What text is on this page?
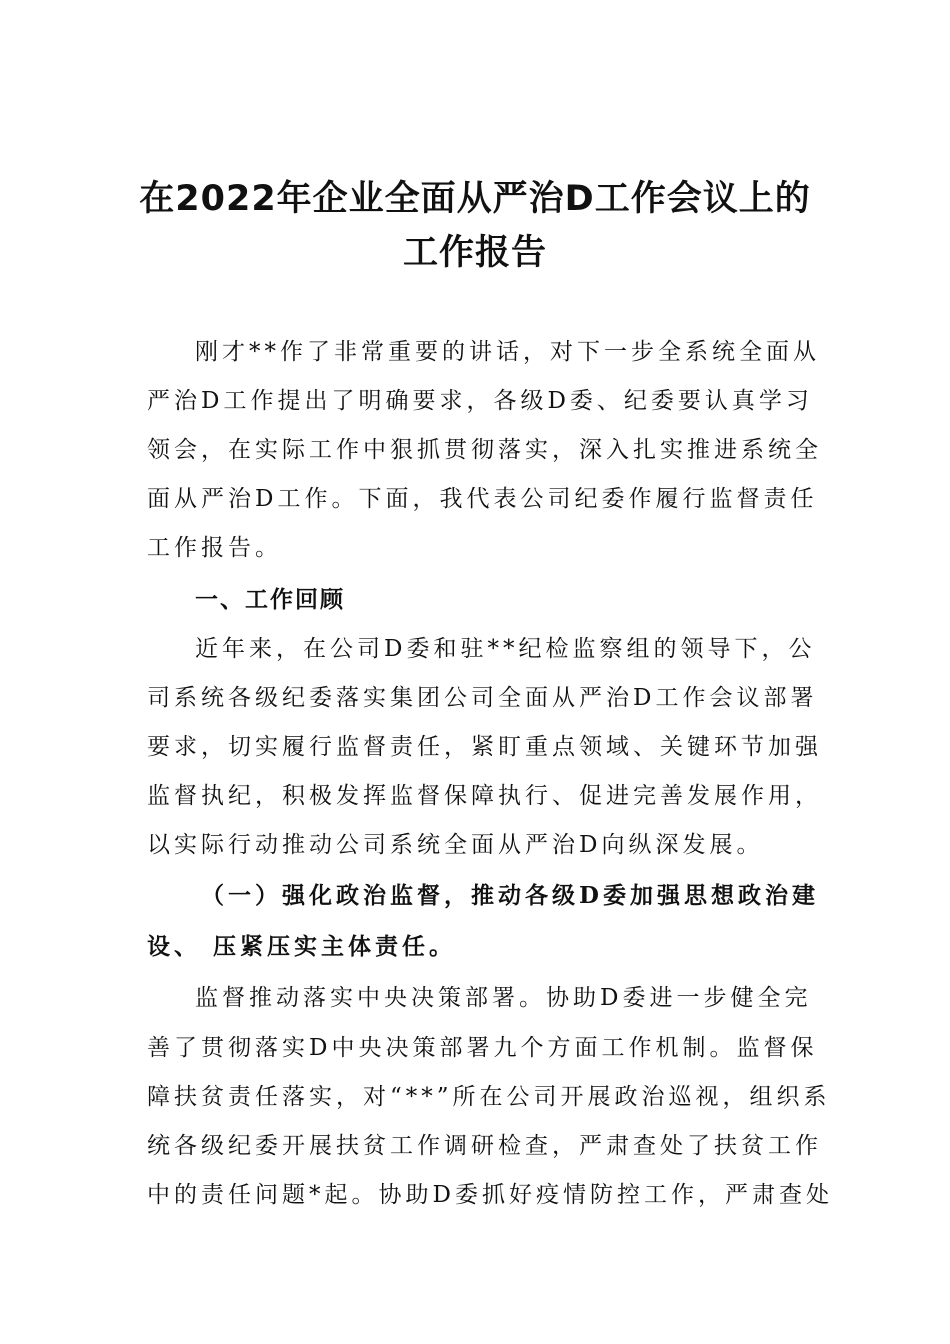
在2022年企业全面从严治D工作会议上的
工作报告
刚才**作了非常重要的讲话，对下一步全系统全面从
严治D工作提出了明确要求，各级D委、纪委要认真学习
领会，在实际工作中狠抓贯彻落实，深入扎实推进系统全
面从严治D工作。下面，我代表公司纪委作履行监督责任
工作报告。
一、工作回顾
近年来，在公司D委和驻**纪检监察组的领导下，公
司系统各级纪委落实集团公司全面从严治D工作会议部署
要求，切实履行监督责任，紧盯重点领域、关键环节加强
监督执纪，积极发挥监督保障执行、促进完善发展作用，
以实际行动推动公司系统全面从严治D向纵深发展。
（一）强化政治监督，推动各级D委加强思想政治建
设、 压紧压实主体责任。
监督推动落实中央决策部署。协助D委进一步健全完
善了贯彻落实D中央决策部署九个方面工作机制。监督保
障扶贫责任落实，对“**”所在公司开展政治巡视，组织系
统各级纪委开展扶贫工作调研检查，严肃查处了扶贫工作
中的责任问题*起。协助D委抓好疫情防控工作，严肃查处
